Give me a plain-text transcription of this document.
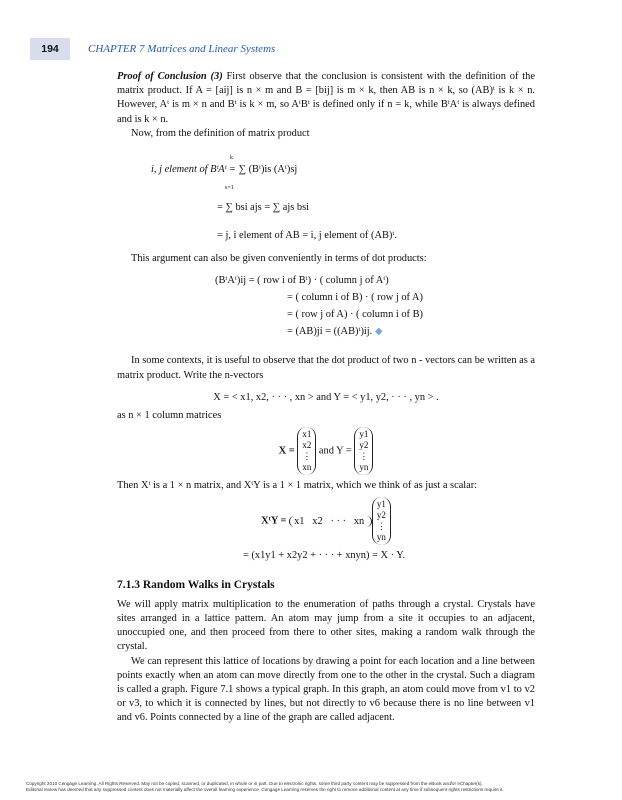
194	CHAPTER 7 Matrices and Linear Systems

Proof of Conclusion (3) First observe that the conclusion is consistent with the definition of the matrix product. If A = [aij] is n × m and B = [bij] is m × k, then AB is n × k, so (AB)ᵗ is k × n. However, Aᵗ is m × n and Bᵗ is k × m, so AᵗBᵗ is defined only if n = k, while BᵗAᵗ is always defined and is k × n.

Now, from the definition of matrix product

i, j element of BᵗAᵗ = ∑ (Bᵗ)is (Aᵗ)sj
k
s=1
= ∑ bsi ajs = ∑ ajs bsi
= j, i element of AB = i, j element of (AB)ᵗ.

This argument can also be given conveniently in terms of dot products:

(BᵗAᵗ)ij = ( row i of Bᵗ) · ( column j of Aᵗ)
= ( column i of B) · ( row j of A)
= ( row j of A) · ( column i of B)
= (AB)ji = ((AB)ᵗ)ij. ◆

In some contexts, it is useful to observe that the dot product of two n - vectors can be written as a matrix product. Write the n-vectors

X = < x1, x2, · · · , xn > and Y = < y1, y2, · · · , yn > .

as n × 1 column matrices

X =
x1
x2
⋮
xn
and Y =
y1
y2
⋮
yn

Then Xᵗ is a 1 × n matrix, and XᵗY is a 1 × 1 matrix, which we think of as just a scalar:

XᵗY = x1 x2 · · · xn
y1
y2
⋮
yn
= (x1y1 + x2y2 + · · · + xnyn) = X · Y.
7.1.3 Random Walks in Crystals

We will apply matrix multiplication to the enumeration of paths through a crystal. Crystals have sites arranged in a lattice pattern. An atom may jump from a site it occupies to an adjacent, unoccupied one, and then proceed from there to other sites, making a random walk through the crystal.

We can represent this lattice of locations by drawing a point for each location and a line between points exactly when an atom can move directly from one to the other in the crystal. Such a diagram is called a graph. Figure 7.1 shows a typical graph. In this graph, an atom could move from v1 to v2 or v3, to which it is connected by lines, but not directly to v6 because there is no line between v1 and v6. Points connected by a line of the graph are called adjacent.

Copyright 2010 Cengage Learning. All Rights Reserved. May not be copied, scanned, or duplicated, in whole or in part. Due to electronic rights, some third party content may be suppressed from the eBook and/or eChapter(s).
Editorial review has deemed that any suppressed content does not materially affect the overall learning experience. Cengage Learning reserves the right to remove additional content at any time if subsequent rights restrictions require it.
